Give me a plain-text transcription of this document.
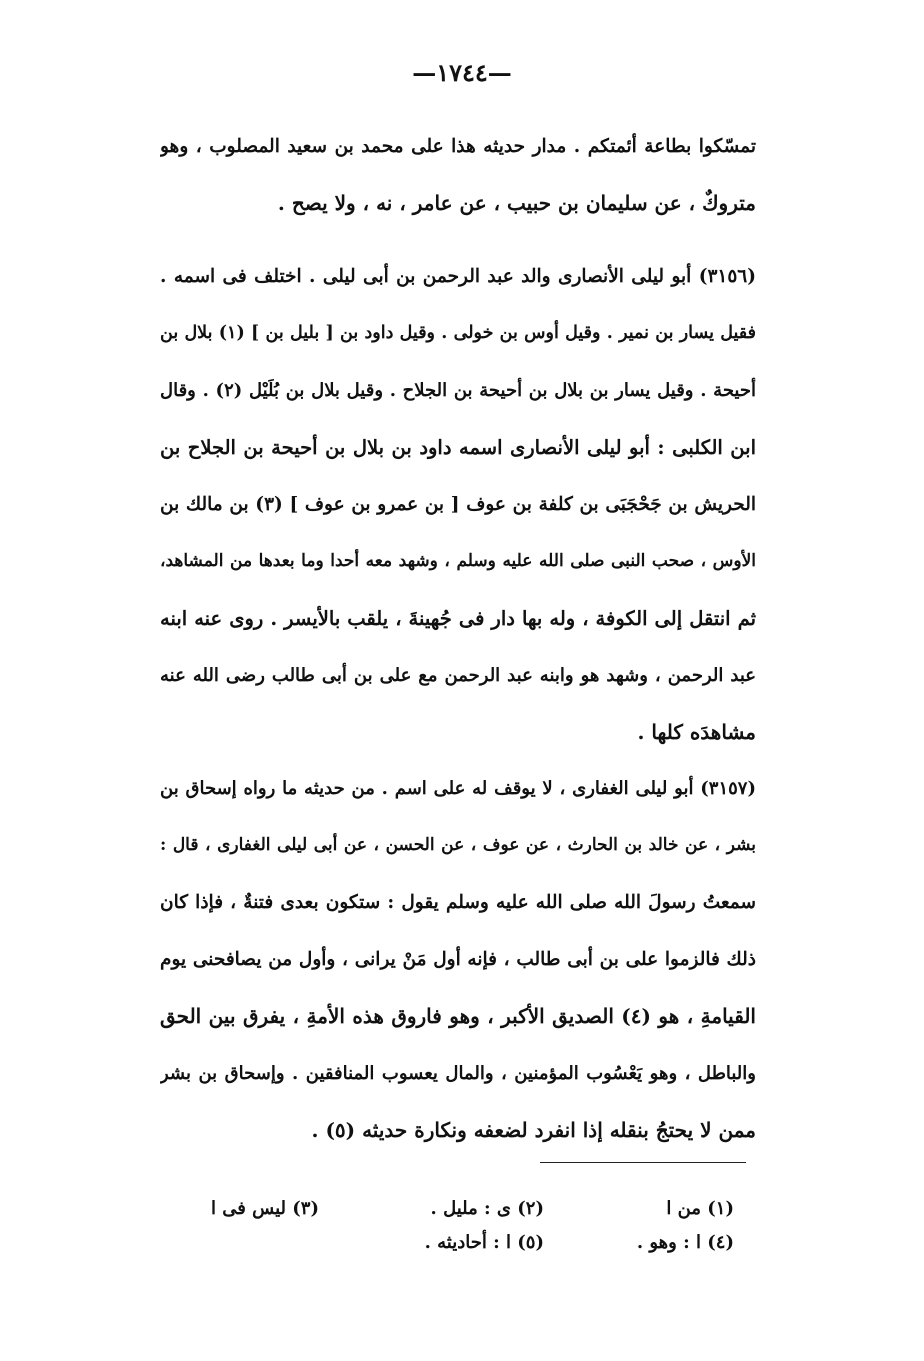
—١٧٤٤—
تمسّكوا بطاعة أئمتكم . مدار حديثه هذا على محمد بن سعيد المصلوب ، وهو
متروكٌ ، عن سليمان بن حبيب ، عن عامر ، نه ، ولا يصح .
(٣١٥٦) أبو ليلى الأنصارى والد عبد الرحمن بن أبى ليلى . اختلف فى اسمه .
فقيل يسار بن نمير . وقيل أوس بن خولى . وقيل داود بن [ بليل بن ] (١) بلال بن
أحيحة . وقيل يسار بن بلال بن أحيحة بن الجلاح . وقيل بلال بن بُلَيْل (٢) . وقال
ابن الكلبى : أبو ليلى الأنصارى اسمه داود بن بلال بن أحيحة بن الجلاح بن
الحريش بن جَحْجَبَى بن كلفة بن عوف [ بن عمرو بن عوف ] (٣) بن مالك بن
الأوس ، صحب النبى صلى الله عليه وسلم ، وشهد معه أحدا وما بعدها من المشاهد،
ثم انتقل إلى الكوفة ، وله بها دار فى جُهينةَ ، يلقب بالأيسر . روى عنه ابنه
عبد الرحمن ، وشهد هو وابنه عبد الرحمن مع على بن أبى طالب رضى الله عنه
مشاهدَه كلها .
(٣١٥٧) أبو ليلى الغفارى ، لا يوقف له على اسم . من حديثه ما رواه إسحاق بن
بشر ، عن خالد بن الحارث ، عن عوف ، عن الحسن ، عن أبى ليلى الغفارى ، قال :
سمعتُ رسولَ الله صلى الله عليه وسلم يقول : ستكون بعدى فتنةٌ ، فإذا كان
ذلك فالزموا على بن أبى طالب ، فإنه أول مَنْ يرانى ، وأول من يصافحنى يوم
القيامةِ ، هو (٤) الصديق الأكبر ، وهو فاروق هذه الأمةِ ، يفرق بين الحق
والباطل ، وهو يَعْسُوب المؤمنين ، والمال يعسوب المنافقين . وإسحاق بن بشر
ممن لا يحتجُ بنقله إذا انفرد لضعفه ونكارة حديثه (٥) .
(١) من ا
(٢) ى : مليل .
(٣) ليس فى ا
(٤) ا : وهو .
(٥) ا : أحاديثه .
